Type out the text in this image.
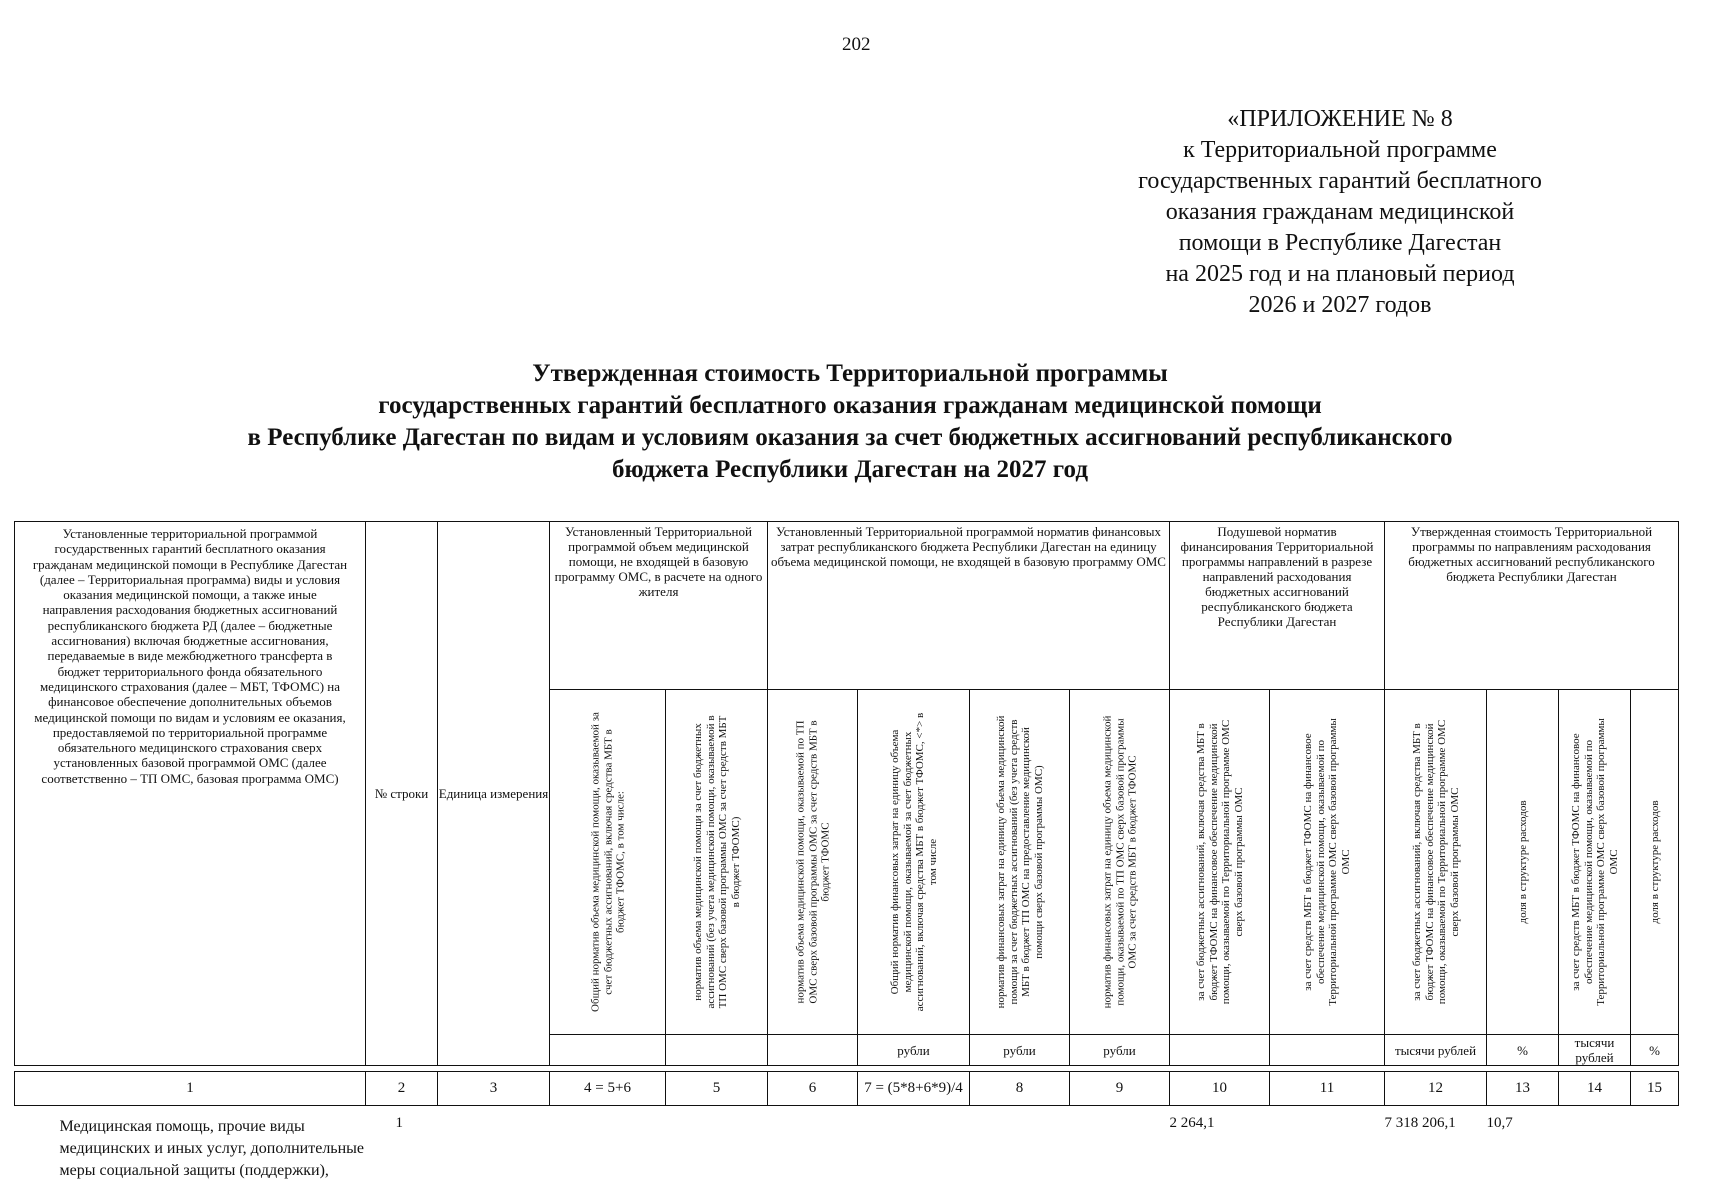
202
«ПРИЛОЖЕНИЕ № 8
к Территориальной программе
государственных гарантий бесплатного
оказания гражданам медицинской
помощи в Республике Дагестан
на 2025 год и на плановый период
2026 и 2027 годов
Утвержденная стоимость Территориальной программы
государственных гарантий бесплатного оказания гражданам медицинской помощи
в Республике Дагестан по видам и условиям оказания за счет бюджетных ассигнований республиканского
бюджета Республики Дагестан на 2027 год
Установленные территориальной программой государственных гарантий бесплатного оказания гражданам медицинской помощи в Республике Дагестан (далее – Территориальная программа) виды и условия оказания медицинской помощи, а также иные направления расходования бюджетных ассигнований республиканского бюджета РД (далее – бюджетные ассигнования) включая бюджетные ассигнования, передаваемые в виде межбюджетного трансферта в бюджет территориального фонда обязательного медицинского страхования (далее – МБТ, ТФОМС) на финансовое обеспечение дополнительных объемов медицинской помощи по видам и условиям ее оказания, предоставляемой по территориальной программе обязательного медицинского страхования сверх установленных базовой программой ОМС (далее соответственно – ТП ОМС, базовая программа ОМС)	№ строки	Единица измерения	Установленный Территориальной программой объем медицинской помощи, не входящей в базовую программу ОМС, в расчете на одного жителя		Установленный Территориальной программой норматив финансовых затрат республиканского бюджета Республики Дагестан на единицу объема медицинской помощи, не входящей в базовую программу ОМС				Подушевой норматив финансирования Территориальной программы направлений в разрезе направлений расходования бюджетных ассигнований республиканского бюджета Республики Дагестан		Утвержденная стоимость Территориальной программы по направлениям расходования бюджетных ассигнований республиканского бюджета Республики Дагестан			

			Общий норматив объема медицинской помощи, оказываемой за счет бюджетных ассигнований, включая средства МБТ в бюджет ТФОМС, в том числе:	норматив объема медицинской помощи за счет бюджетных ассигнований (без учета медицинской помощи, оказываемой в ТП ОМС сверх базовой программы ОМС за счет средств МБТ в бюджет ТФОМС)	норматив объема медицинской помощи, оказываемой по ТП ОМС сверх базовой программы ОМС за счет средств МБТ в бюджет ТФОМС	Общий норматив финансовых затрат на единицу объема медицинской помощи, оказываемой за счет бюджетных ассигнований, включая средства МБТ в бюджет ТФОМС, <*> в том числе	норматив финансовых затрат на единицу объема медицинской помощи за счет бюджетных ассигнований (без учета средств МБТ в бюджет ТП ОМС на предоставление медицинской помощи сверх базовой программы ОМС)	норматив финансовых затрат на единицу объема медицинской помощи, оказываемой по ТП ОМС сверх базовой программы ОМС за счет средств МБТ в бюджет ТФОМС	за счет бюджетных ассигнований, включая средства МБТ в бюджет ТФОМС на финансовое обеспечение медицинской помощи, оказываемой по Территориальной программе ОМС сверх базовой программы ОМС	за счет средств МБТ в бюджет ТФОМС на финансовое обеспечение медицинской помощи, оказываемой по Территориальной программе ОМС сверх базовой программы ОМС	за счет бюджетных ассигнований, включая средства МБТ в бюджет ТФОМС на финансовое обеспечение медицинской помощи, оказываемой по Территориальной программе ОМС сверх базовой программы ОМС	доля в структуре расходов	за счет средств МБТ в бюджет ТФОМС на финансовое обеспечение медицинской помощи, оказываемой по Территориальной программе ОМС сверх базовой программы ОМС	доля в структуре расходов

						рубли	рубли	рубли			тысячи рублей	%	тысячи рублей	%

1	2	3	4 = 5+6	5	6	7 = (5*8+6*9)/4	8	9	10	11	12	13	14	15
Медицинская помощь, прочие виды медицинских и иных услуг, дополнительные меры социальной защиты (поддержки),	1								2 264,1		7 318 206,1	10,7		
